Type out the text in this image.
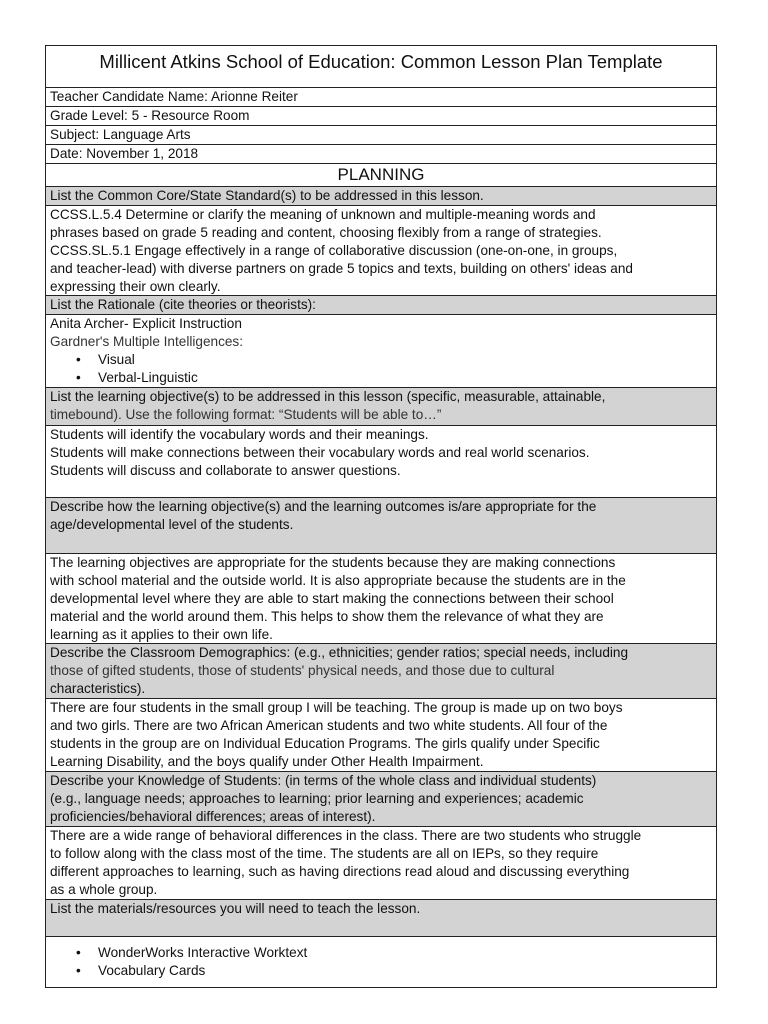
Millicent Atkins School of Education: Common Lesson Plan Template
Teacher Candidate Name: Arionne Reiter
Grade Level: 5 - Resource Room
Subject: Language Arts
Date: November 1, 2018
PLANNING
List the Common Core/State Standard(s) to be addressed in this lesson.
CCSS.L.5.4 Determine or clarify the meaning of unknown and multiple-meaning words and
phrases based on grade 5 reading and content, choosing flexibly from a range of strategies.
CCSS.SL.5.1 Engage effectively in a range of collaborative discussion (one-on-one, in groups,
and teacher-lead) with diverse partners on grade 5 topics and texts, building on others' ideas and
expressing their own clearly.
List the Rationale (cite theories or theorists):
Anita Archer- Explicit Instruction
Gardner's Multiple Intelligences:
• Visual
• Verbal-Linguistic
List the learning objective(s) to be addressed in this lesson (specific, measurable, attainable,
timebound). Use the following format: “Students will be able to…”
Students will identify the vocabulary words and their meanings.
Students will make connections between their vocabulary words and real world scenarios.
Students will discuss and collaborate to answer questions.
Describe how the learning objective(s) and the learning outcomes is/are appropriate for the
age/developmental level of the students.
The learning objectives are appropriate for the students because they are making connections
with school material and the outside world. It is also appropriate because the students are in the
developmental level where they are able to start making the connections between their school
material and the world around them. This helps to show them the relevance of what they are
learning as it applies to their own life.
Describe the Classroom Demographics: (e.g., ethnicities; gender ratios; special needs, including
those of gifted students, those of students' physical needs, and those due to cultural
characteristics).
There are four students in the small group I will be teaching. The group is made up on two boys
and two girls. There are two African American students and two white students. All four of the
students in the group are on Individual Education Programs. The girls qualify under Specific
Learning Disability, and the boys qualify under Other Health Impairment.
Describe your Knowledge of Students: (in terms of the whole class and individual students)
(e.g., language needs; approaches to learning; prior learning and experiences; academic
proficiencies/behavioral differences; areas of interest).
There are a wide range of behavioral differences in the class. There are two students who struggle
to follow along with the class most of the time. The students are all on IEPs, so they require
different approaches to learning, such as having directions read aloud and discussing everything
as a whole group.
List the materials/resources you will need to teach the lesson.
• WonderWorks Interactive Worktext
• Vocabulary Cards
